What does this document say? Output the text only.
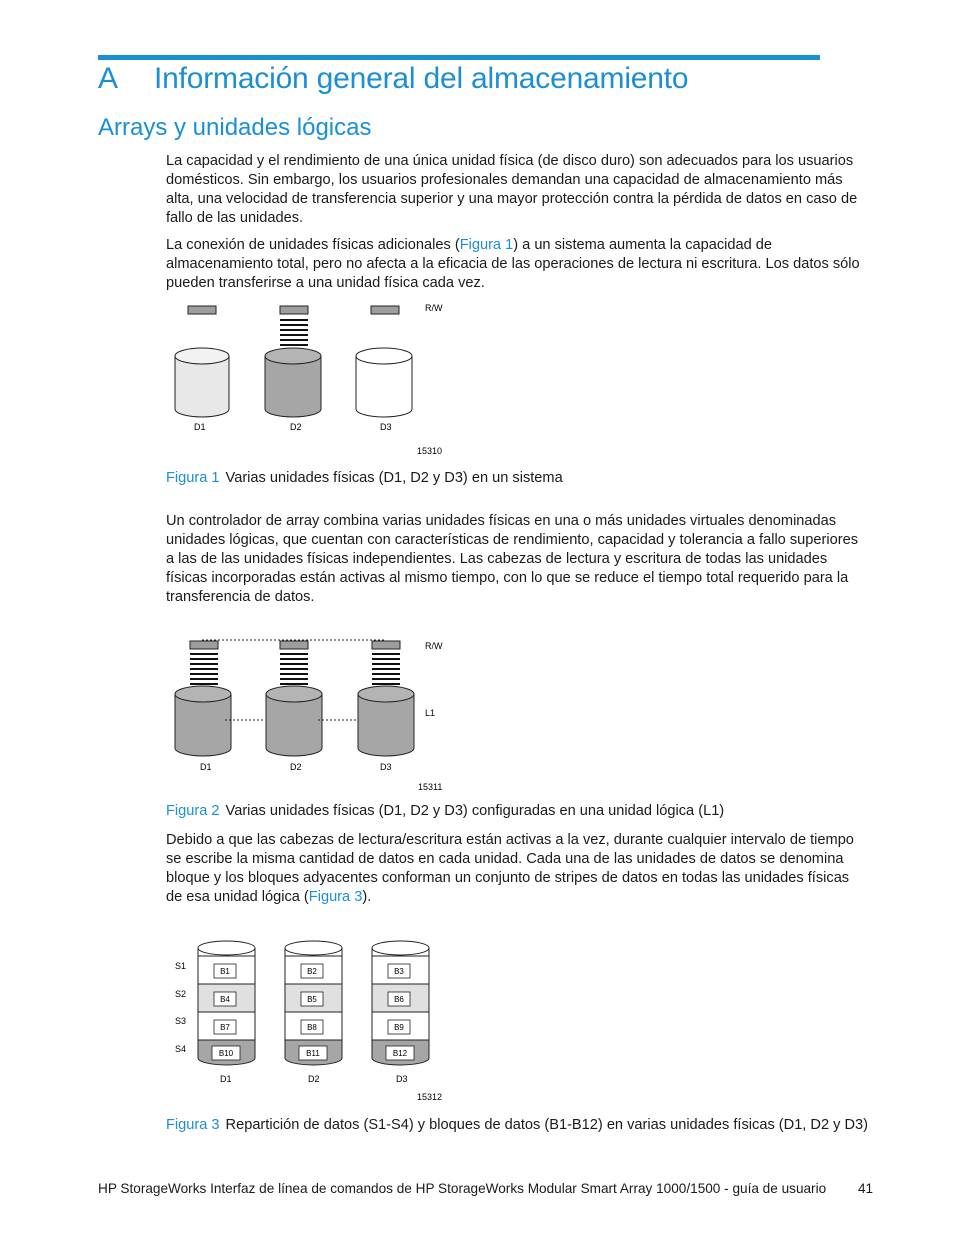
A Información general del almacenamiento
Arrays y unidades lógicas

La capacidad y el rendimiento de una única unidad física (de disco duro) son adecuados para los usuarios domésticos. Sin embargo, los usuarios profesionales demandan una capacidad de almacenamiento más alta, una velocidad de transferencia superior y una mayor protección contra la pérdida de datos en caso de fallo de las unidades.

La conexión de unidades físicas adicionales (Figura 1) a un sistema aumenta la capacidad de almacenamiento total, pero no afecta a la eficacia de las operaciones de lectura ni escritura. Los datos sólo pueden transferirse a una unidad física cada vez.

R/W
D1	D2	D3
15310

Figura 1 Varias unidades físicas (D1, D2 y D3) en un sistema

Un controlador de array combina varias unidades físicas en una o más unidades virtuales denominadas unidades lógicas, que cuentan con características de rendimiento, capacidad y tolerancia a fallo superiores a las de las unidades físicas independientes. Las cabezas de lectura y escritura de todas las unidades físicas incorporadas están activas al mismo tiempo, con lo que se reduce el tiempo total requerido para la transferencia de datos.

R/W
L1
D1	D2	D3
15311

Figura 2 Varias unidades físicas (D1, D2 y D3) configuradas en una unidad lógica (L1)

Debido a que las cabezas de lectura/escritura están activas a la vez, durante cualquier intervalo de tiempo se escribe la misma cantidad de datos en cada unidad. Cada una de las unidades de datos se denomina bloque y los bloques adyacentes conforman un conjunto de stripes de datos en todas las unidades físicas de esa unidad lógica (Figura 3).

S1
S2
S3
S4
B1
B4
B7
B10
B2
B5
B8
B11
B3
B6
B9
B12
D1	D2	D3
15312

Figura 3 Repartición de datos (S1-S4) y bloques de datos (B1-B12) en varias unidades físicas (D1, D2 y D3)

HP StorageWorks Interfaz de línea de comandos de HP StorageWorks Modular Smart Array 1000/1500 - guía de usuario 41
